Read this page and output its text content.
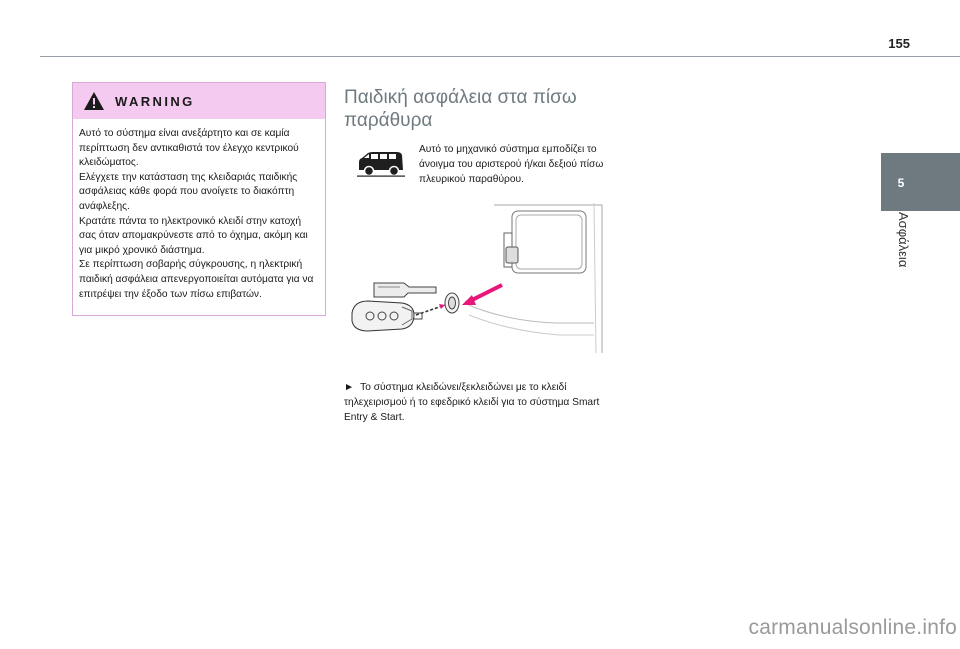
155
5
Ασφάλεια
WARNING

Αυτό το σύστημα είναι ανεξάρτητο και σε καμία περίπτωση δεν αντικαθιστά τον έλεγχο κεντρικού κλειδώματος.

Ελέγχετε την κατάσταση της κλειδαριάς παιδικής ασφάλειας κάθε φορά που ανοίγετε το διακόπτη ανάφλεξης.

Κρατάτε πάντα το ηλεκτρονικό κλειδί στην κατοχή σας όταν απομακρύνεστε από το όχημα, ακόμη και για μικρό χρονικό διάστημα.

Σε περίπτωση σοβαρής σύγκρουσης, η ηλεκτρική παιδική ασφάλεια απενεργοποιείται αυτόματα για να επιτρέψει την έξοδο των πίσω επιβατών.

Παιδική ασφάλεια στα πίσω παράθυρα
Αυτό το μηχανικό σύστημα εμποδίζει το άνοιγμα του αριστερού ή/και δεξιού πίσω πλευρικού παραθύρου.
► Το σύστημα κλειδώνει/ξεκλειδώνει με το κλειδί τηλεχειρισμού ή το εφεδρικό κλειδί για το σύστημα Smart Entry & Start.
carmanualsonline.info
